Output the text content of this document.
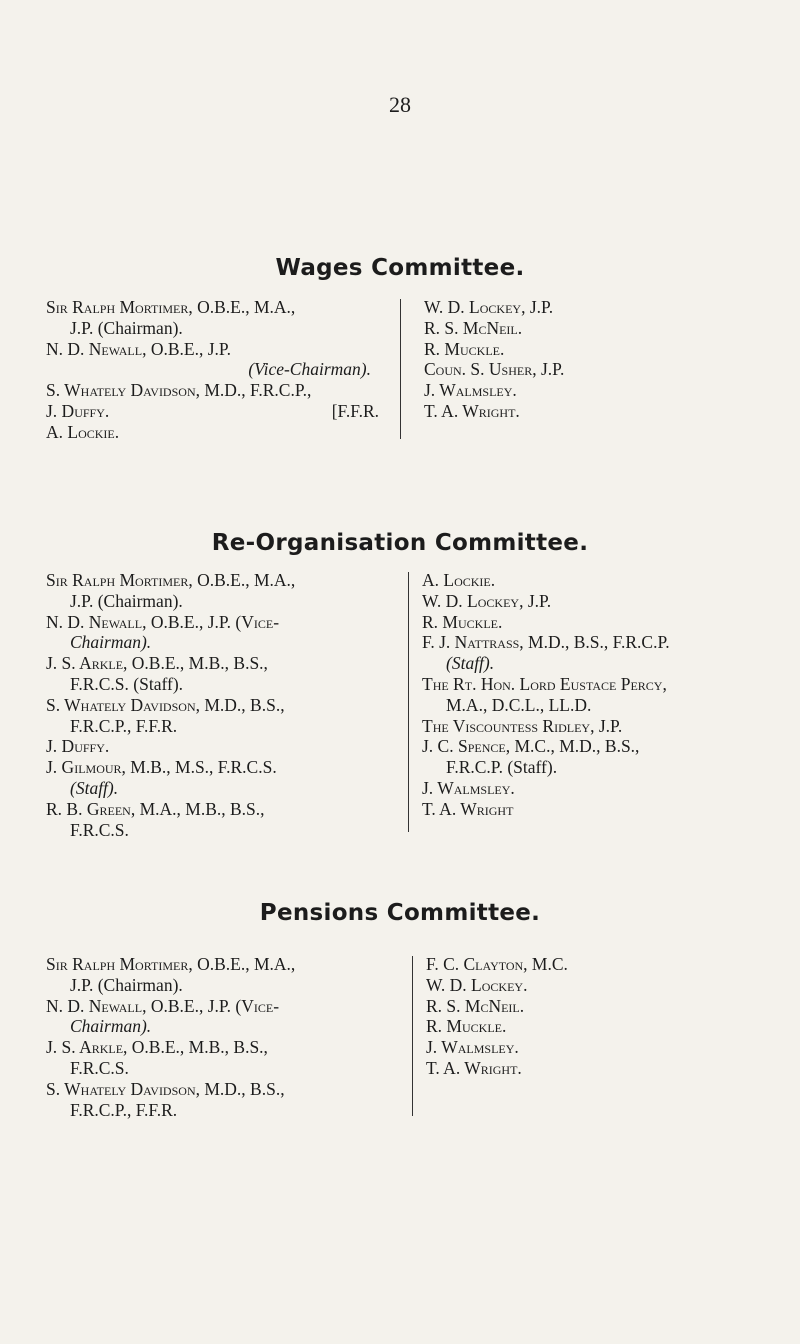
28
Wages Committee.
Sir Ralph Mortimer, O.B.E., M.A.,
J.P. (Chairman).
N. D. Newall, O.B.E., J.P.
(Vice-Chairman).
S. Whately Davidson, M.D., F.R.C.P.,
J. Duffy.	[F.F.R.
A. Lockie.
W. D. Lockey, J.P.
R. S. McNeil.
R. Muckle.
Coun. S. Usher, J.P.
J. Walmsley.
T. A. Wright.
Re-Organisation Committee.
Sir Ralph Mortimer, O.B.E., M.A.,
J.P. (Chairman).
N. D. Newall, O.B.E., J.P. (Vice-
Chairman).
J. S. Arkle, O.B.E., M.B., B.S.,
F.R.C.S. (Staff).
S. Whately Davidson, M.D., B.S.,
F.R.C.P., F.F.R.
J. Duffy.
J. Gilmour, M.B., M.S., F.R.C.S.
(Staff).
R. B. Green, M.A., M.B., B.S.,
F.R.C.S.
A. Lockie.
W. D. Lockey, J.P.
R. Muckle.
F. J. Nattrass, M.D., B.S., F.R.C.P.
(Staff).
The Rt. Hon. Lord Eustace Percy,
M.A., D.C.L., LL.D.
The Viscountess Ridley, J.P.
J. C. Spence, M.C., M.D., B.S.,
F.R.C.P. (Staff).
J. Walmsley.
T. A. Wright
Pensions Committee.
Sir Ralph Mortimer, O.B.E., M.A.,
J.P. (Chairman).
N. D. Newall, O.B.E., J.P. (Vice-
Chairman).
J. S. Arkle, O.B.E., M.B., B.S.,
F.R.C.S.
S. Whately Davidson, M.D., B.S.,
F.R.C.P., F.F.R.
F. C. Clayton, M.C.
W. D. Lockey.
R. S. McNeil.
R. Muckle.
J. Walmsley.
T. A. Wright.
